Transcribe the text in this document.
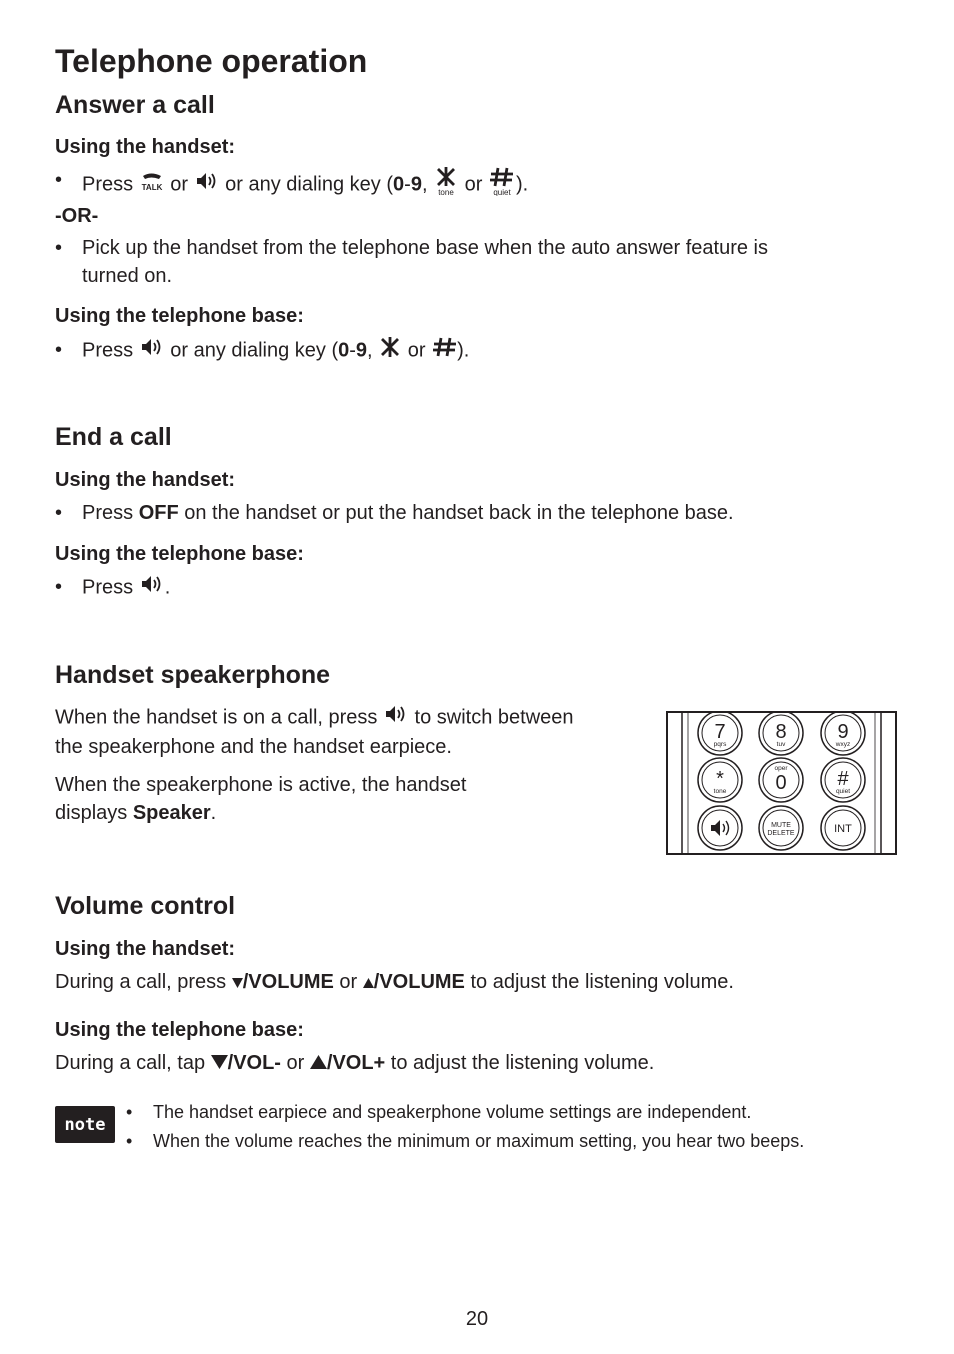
Telephone operation
Answer a call
Using the handset:
• Press TALK or  or any dialing key (0-9, tone or quiet ).
-OR-
• Pick up the handset from the telephone base when the auto answer feature is
turned on.
Using the telephone base:
• Press  or any dialing key (0-9,  or ).
End a call
Using the handset:
• Press OFF on the handset or put the handset back in the telephone base.
Using the telephone base:
• Press .
Handset speakerphone
When the handset is on a call, press  to switch between
the speakerphone and the handset earpiece.
When the speakerphone is active, the handset
displays Speaker.
7
pqrs
8
tuv
9
wxyz
*
tone 0
oper #
quiet
MUTE
DELETE	INT
Volume control
Using the handset:
During a call, press /VOLUME or /VOLUME to adjust the listening volume.
Using the telephone base:
During a call, tap /VOL- or /VOL+ to adjust the listening volume.
note
• The handset earpiece and speakerphone volume settings are independent.
• When the volume reaches the minimum or maximum setting, you hear two beeps.
20
